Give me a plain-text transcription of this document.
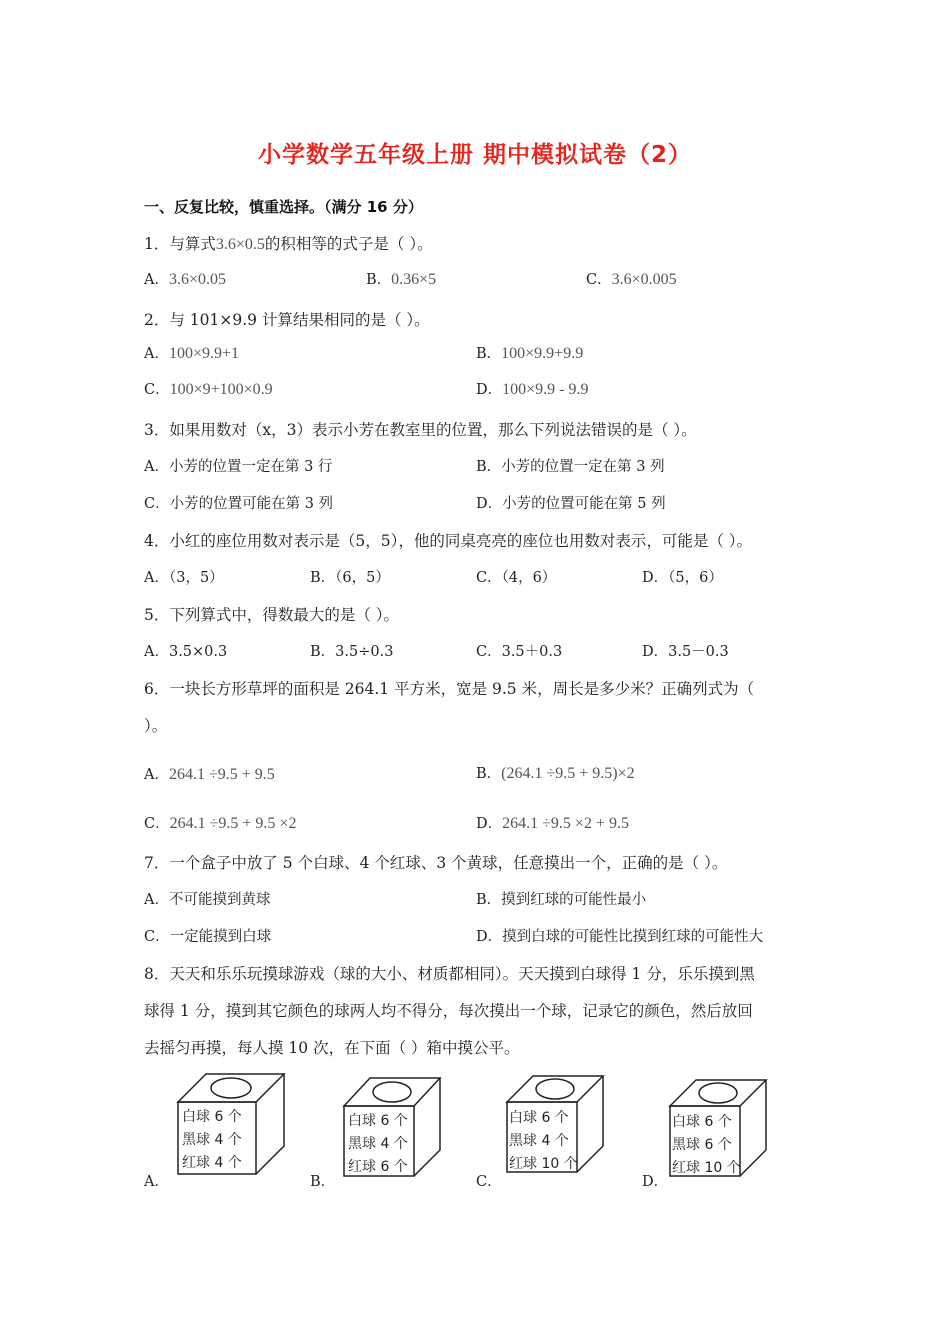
小学数学五年级上册 期中模拟试卷（2）
一、反复比较，慎重选择。（满分 16 分）
1．与算式3.6×0.5的积相等的式子是（ ）。
A．3.6×0.05	B．0.36×5	C．3.6×0.005
2．与 101×9.9 计算结果相同的是（ ）。
A．100×9.9+1	B．100×9.9+9.9
C．100×9+100×0.9	D．100×9.9 - 9.9
3．如果用数对（x，3）表示小芳在教室里的位置，那么下列说法错误的是（ ）。
A．小芳的位置一定在第 3 行	B．小芳的位置一定在第 3 列
C．小芳的位置可能在第 3 列	D．小芳的位置可能在第 5 列
4．小红的座位用数对表示是（5，5），他的同桌亮亮的座位也用数对表示，可能是（ ）。
A．（3，5）	B．（6，5）	C．（4，6）	D．（5，6）
5．下列算式中，得数最大的是（ ）。
A．3.5×0.3	B．3.5÷0.3	C．3.5＋0.3	D．3.5－0.3
6．一块长方形草坪的面积是 264.1 平方米，宽是 9.5 米，周长是多少米？正确列式为（
）。
A．264.1 ÷9.5 + 9.5	B．(264.1 ÷9.5 + 9.5)×2
C．264.1 ÷9.5 + 9.5 ×2	D．264.1 ÷9.5 ×2 + 9.5
7．一个盒子中放了 5 个白球、4 个红球、3 个黄球，任意摸出一个，正确的是（ ）。
A．不可能摸到黄球	B．摸到红球的可能性最小
C．一定能摸到白球	D．摸到白球的可能性比摸到红球的可能性大
8．天天和乐乐玩摸球游戏（球的大小、材质都相同）。天天摸到白球得 1 分，乐乐摸到黑
球得 1 分，摸到其它颜色的球两人均不得分，每次摸出一个球，记录它的颜色，然后放回
去摇匀再摸，每人摸 10 次，在下面（ ）箱中摸公平。
A．
白球 6 个
黑球 4 个
红球 4 个
B．
白球 6 个
黑球 4 个
红球 6 个
C．
白球 6 个
黑球 4 个
红球 10 个
D．
白球 6 个
黑球 6 个
红球 10 个
